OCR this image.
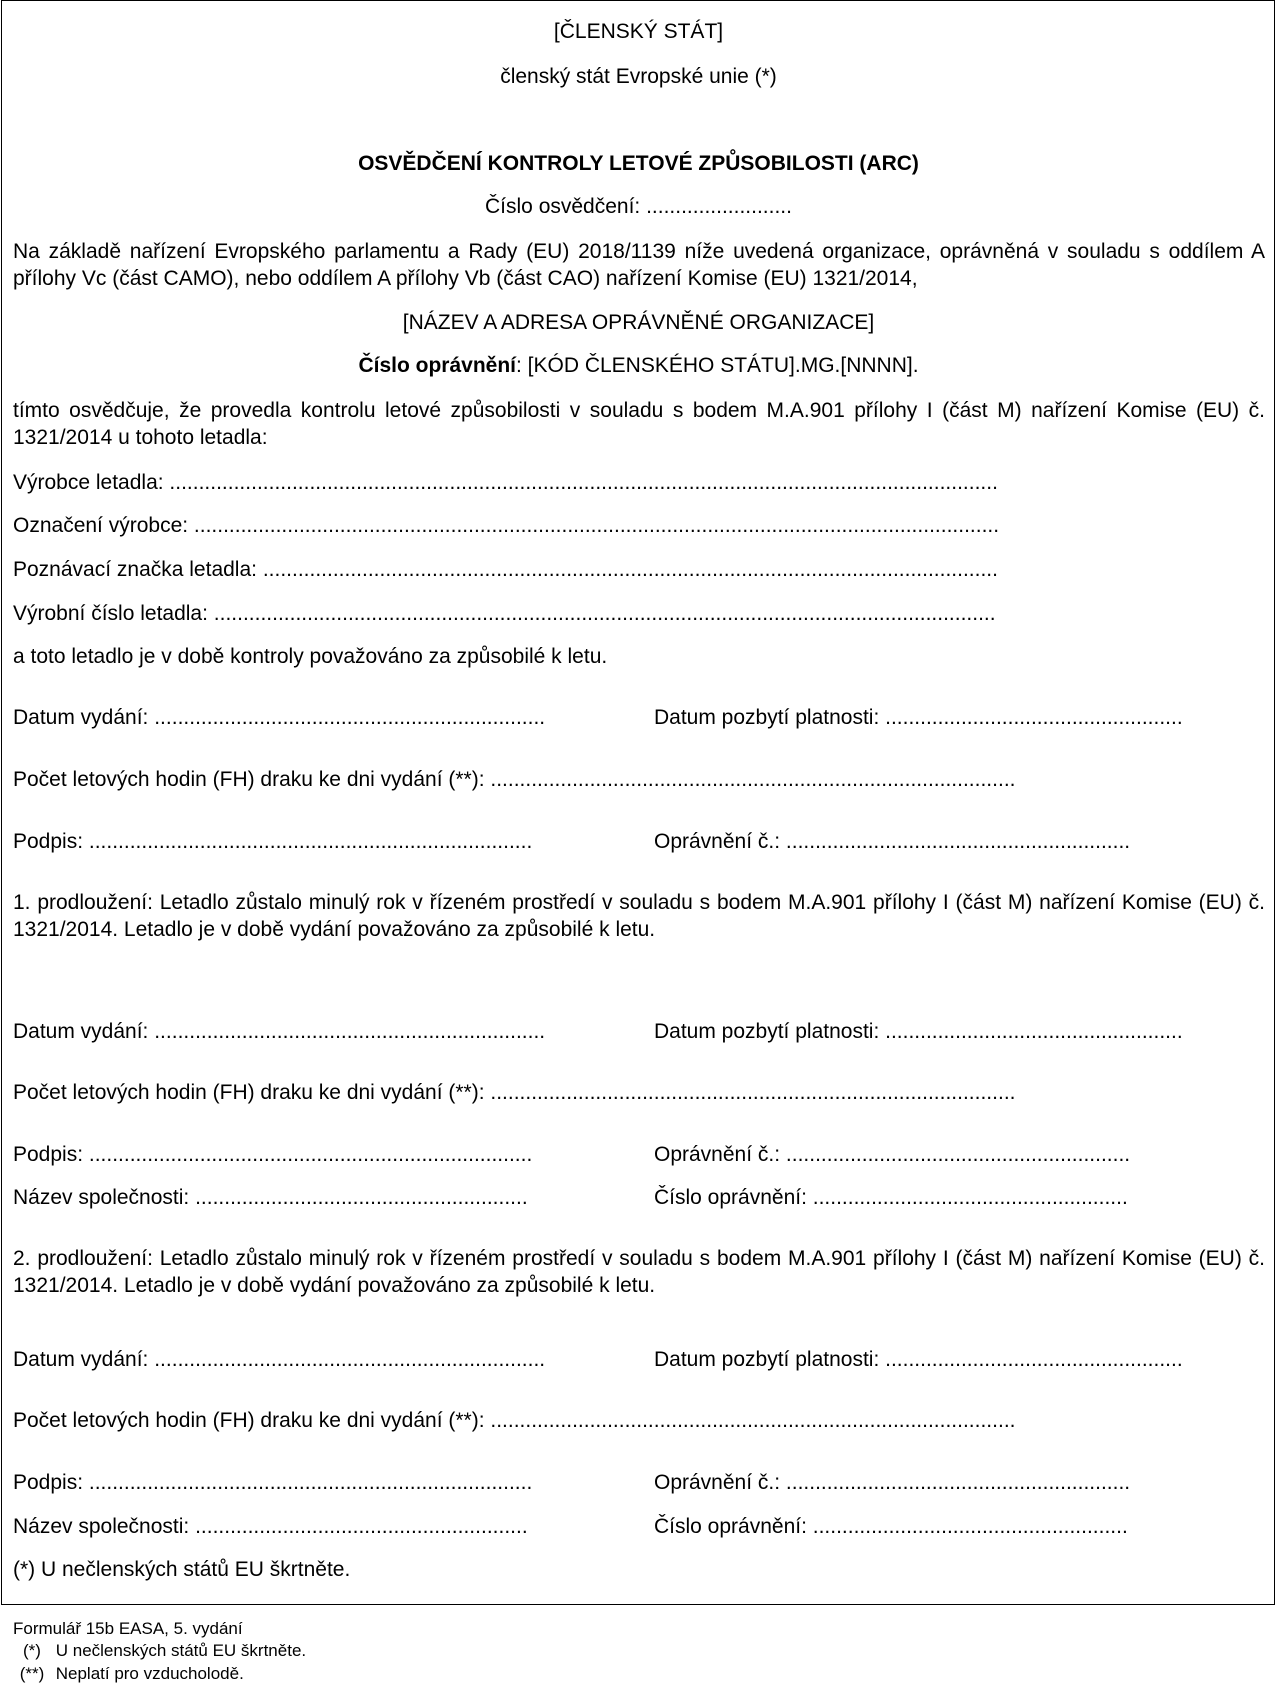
[ČLENSKÝ STÁT]
členský stát Evropské unie (*)
OSVĚDČENÍ KONTROLY LETOVÉ ZPŮSOBILOSTI (ARC)
Číslo osvědčení: .........................
Na základě nařízení Evropského parlamentu a Rady (EU) 2018/1139 níže uvedená organizace, oprávněná v souladu s oddílem A přílohy Vc (část CAMO), nebo oddílem A přílohy Vb (část CAO) nařízení Komise (EU) 1321/2014,
[NÁZEV A ADRESA OPRÁVNĚNÉ ORGANIZACE]
Číslo oprávnění: [KÓD ČLENSKÉHO STÁTU].MG.[NNNN].
tímto osvědčuje, že provedla kontrolu letové způsobilosti v souladu s bodem M.A.901 přílohy I (část M) nařízení Komise (EU) č. 1321/2014 u tohoto letadla:
Výrobce letadla: ..............................................................................................................................................
Označení výrobce: ..........................................................................................................................................
Poznávací značka letadla: ..............................................................................................................................
Výrobní číslo letadla: ......................................................................................................................................
a toto letadlo je v době kontroly považováno za způsobilé k letu.
Datum vydání: ...................................................................	Datum pozbytí platnosti: ...................................................
Počet letových hodin (FH) draku ke dni vydání (**): ..........................................................................................
Podpis: ............................................................................	Oprávnění č.: ...........................................................
1. prodloužení: Letadlo zůstalo minulý rok v řízeném prostředí v souladu s bodem M.A.901 přílohy I (část M) nařízení Komise (EU) č. 1321/2014. Letadlo je v době vydání považováno za způsobilé k letu.
Datum vydání: ...................................................................	Datum pozbytí platnosti: ...................................................
Počet letových hodin (FH) draku ke dni vydání (**): ..........................................................................................
Podpis: ............................................................................	Oprávnění č.: ...........................................................
Název společnosti: .........................................................	Číslo oprávnění: ......................................................
2. prodloužení: Letadlo zůstalo minulý rok v řízeném prostředí v souladu s bodem M.A.901 přílohy I (část M) nařízení Komise (EU) č. 1321/2014. Letadlo je v době vydání považováno za způsobilé k letu.
Datum vydání: ...................................................................	Datum pozbytí platnosti: ...................................................
Počet letových hodin (FH) draku ke dni vydání (**): ..........................................................................................
Podpis: ............................................................................	Oprávnění č.: ...........................................................
Název společnosti: .........................................................	Číslo oprávnění: ......................................................
(*) U nečlenských států EU škrtněte.
Formulář 15b EASA, 5. vydání
(*) U nečlenských států EU škrtněte.
(**) Neplatí pro vzducholodě.
